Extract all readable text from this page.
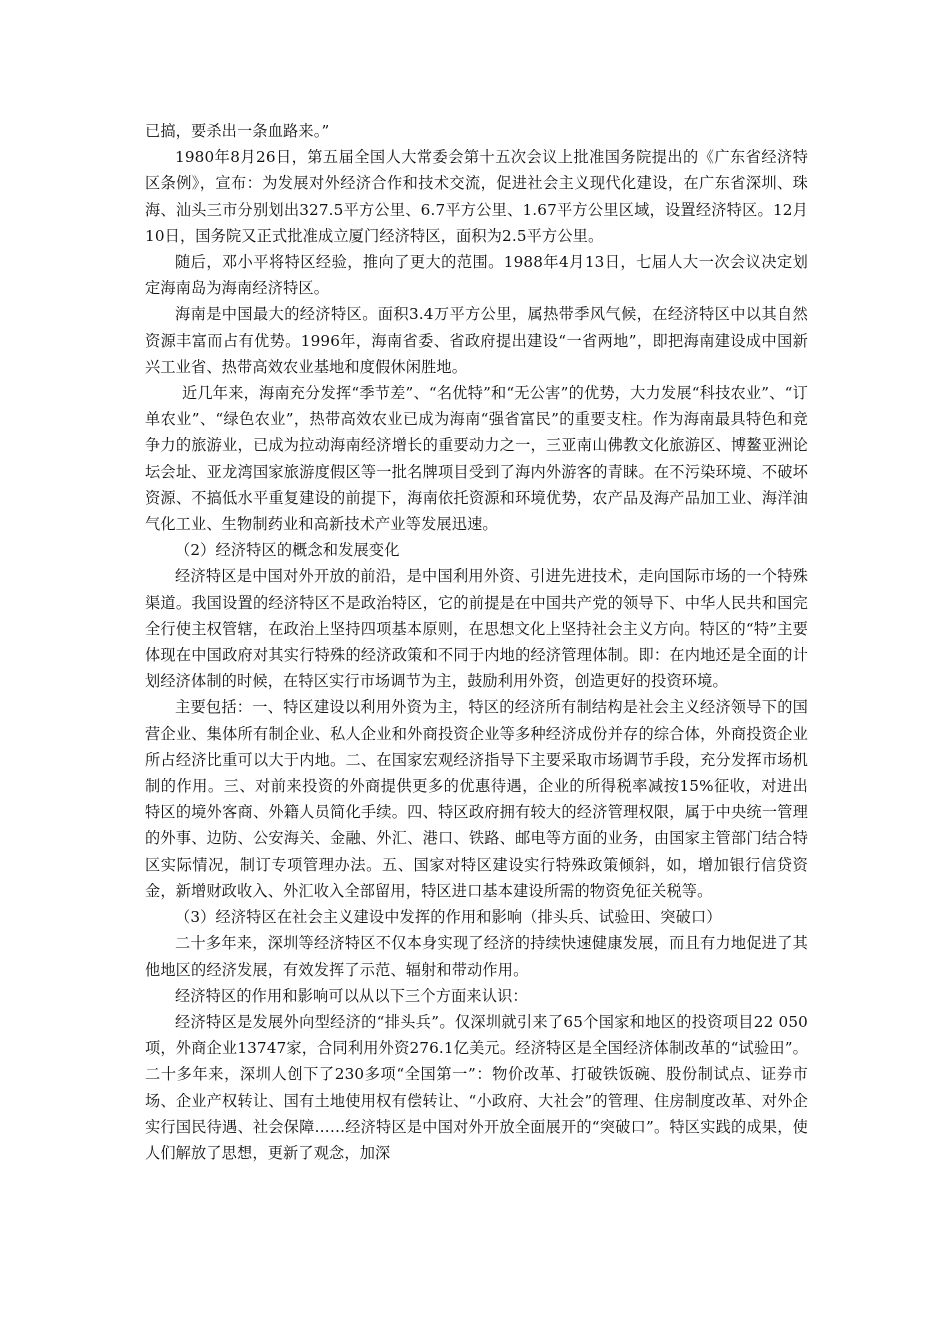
已搞，要杀出一条血路来。”

1980年8月26日，第五届全国人大常委会第十五次会议上批准国务院提出的《广东省经济特区条例》，宣布：为发展对外经济合作和技术交流，促进社会主义现代化建设，在广东省深圳、珠海、汕头三市分别划出327.5平方公里、6.7平方公里、1.67平方公里区域，设置经济特区。12月10日，国务院又正式批准成立厦门经济特区，面积为2.5平方公里。

随后，邓小平将特区经验，推向了更大的范围。1988年4月13日，七届人大一次会议决定划定海南岛为海南经济特区。

海南是中国最大的经济特区。面积3.4万平方公里，属热带季风气候，在经济特区中以其自然资源丰富而占有优势。1996年，海南省委、省政府提出建设“一省两地”，即把海南建设成中国新兴工业省、热带高效农业基地和度假休闲胜地。

近几年来，海南充分发挥“季节差”、“名优特”和“无公害”的优势，大力发展“科技农业”、“订单农业”、“绿色农业”，热带高效农业已成为海南“强省富民”的重要支柱。作为海南最具特色和竞争力的旅游业，已成为拉动海南经济增长的重要动力之一，三亚南山佛教文化旅游区、博鳌亚洲论坛会址、亚龙湾国家旅游度假区等一批名牌项目受到了海内外游客的青睐。在不污染环境、不破坏资源、不搞低水平重复建设的前提下，海南依托资源和环境优势，农产品及海产品加工业、海洋油气化工业、生物制药业和高新技术产业等发展迅速。

（2）经济特区的概念和发展变化

经济特区是中国对外开放的前沿，是中国利用外资、引进先进技术，走向国际市场的一个特殊渠道。我国设置的经济特区不是政治特区，它的前提是在中国共产党的领导下、中华人民共和国完全行使主权管辖，在政治上坚持四项基本原则，在思想文化上坚持社会主义方向。特区的“特”主要体现在中国政府对其实行特殊的经济政策和不同于内地的经济管理体制。即：在内地还是全面的计划经济体制的时候，在特区实行市场调节为主，鼓励利用外资，创造更好的投资环境。

主要包括：一、特区建设以利用外资为主，特区的经济所有制结构是社会主义经济领导下的国营企业、集体所有制企业、私人企业和外商投资企业等多种经济成份并存的综合体，外商投资企业所占经济比重可以大于内地。二、在国家宏观经济指导下主要采取市场调节手段，充分发挥市场机制的作用。三、对前来投资的外商提供更多的优惠待遇，企业的所得税率减按15%征收，对进出特区的境外客商、外籍人员简化手续。四、特区政府拥有较大的经济管理权限，属于中央统一管理的外事、边防、公安海关、金融、外汇、港口、铁路、邮电等方面的业务，由国家主管部门结合特区实际情况，制订专项管理办法。五、国家对特区建设实行特殊政策倾斜，如，增加银行信贷资金，新增财政收入、外汇收入全部留用，特区进口基本建设所需的物资免征关税等。

（3）经济特区在社会主义建设中发挥的作用和影响（排头兵、试验田、突破口）

二十多年来，深圳等经济特区不仅本身实现了经济的持续快速健康发展，而且有力地促进了其他地区的经济发展，有效发挥了示范、辐射和带动作用。

经济特区的作用和影响可以从以下三个方面来认识：

经济特区是发展外向型经济的“排头兵”。仅深圳就引来了65个国家和地区的投资项目22 050项，外商企业13747家，合同利用外资276.1亿美元。经济特区是全国经济体制改革的“试验田”。二十多年来，深圳人创下了230多项“全国第一”：物价改革、打破铁饭碗、股份制试点、证券市场、企业产权转让、国有土地使用权有偿转让、“小政府、大社会”的管理、住房制度改革、对外企实行国民待遇、社会保障……经济特区是中国对外开放全面展开的“突破口”。特区实践的成果，使人们解放了思想，更新了观念，加深
